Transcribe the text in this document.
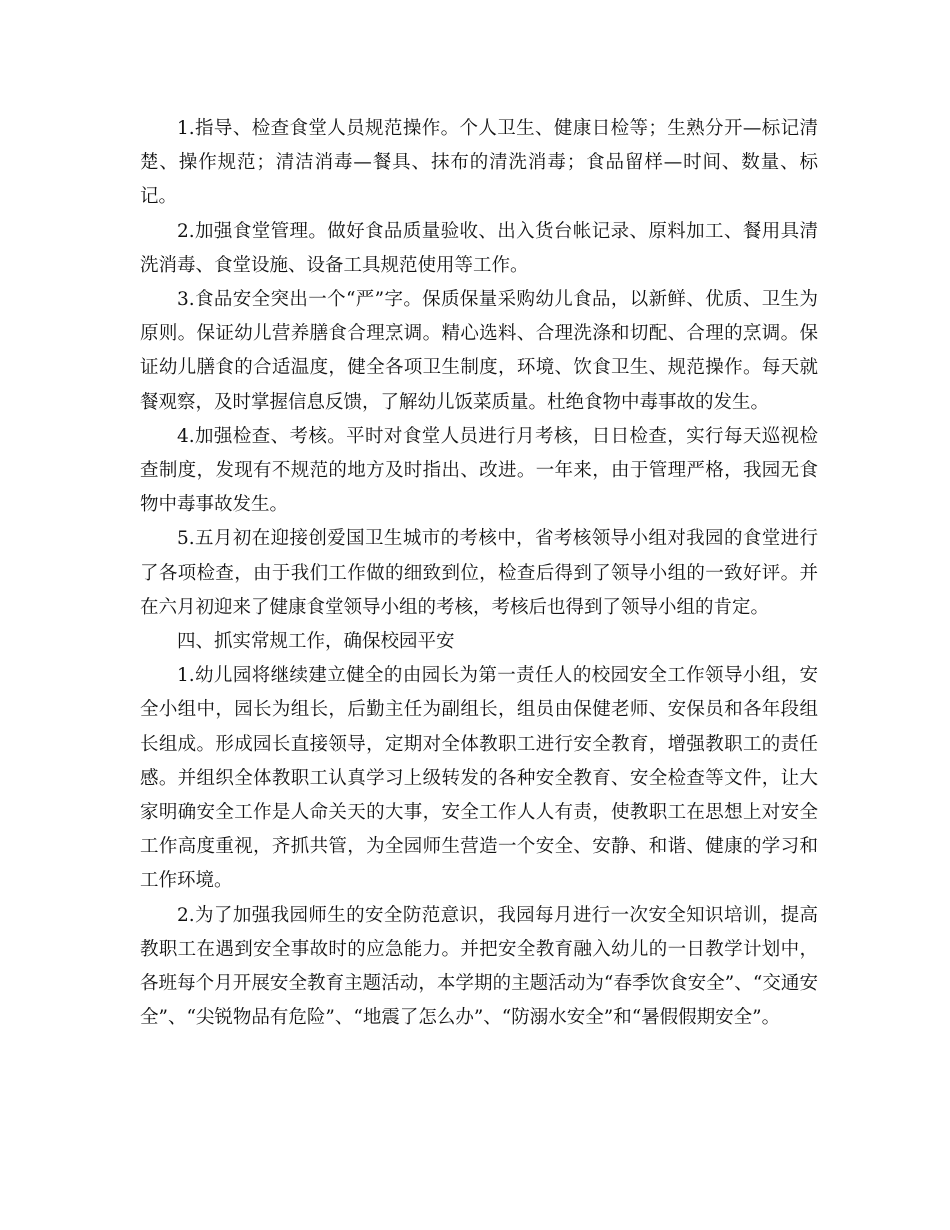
1.指导、检查食堂人员规范操作。个人卫生、健康日检等；生熟分开—标记清楚、操作规范；清洁消毒—餐具、抹布的清洗消毒；食品留样—时间、数量、标记。

2.加强食堂管理。做好食品质量验收、出入货台帐记录、原料加工、餐用具清洗消毒、食堂设施、设备工具规范使用等工作。

3.食品安全突出一个“严”字。保质保量采购幼儿食品，以新鲜、优质、卫生为原则。保证幼儿营养膳食合理烹调。精心选料、合理洗涤和切配、合理的烹调。保证幼儿膳食的合适温度，健全各项卫生制度，环境、饮食卫生、规范操作。每天就餐观察，及时掌握信息反馈，了解幼儿饭菜质量。杜绝食物中毒事故的发生。

4.加强检查、考核。平时对食堂人员进行月考核，日日检查，实行每天巡视检查制度，发现有不规范的地方及时指出、改进。一年来，由于管理严格，我园无食物中毒事故发生。

5.五月初在迎接创爱国卫生城市的考核中，省考核领导小组对我园的食堂进行了各项检查，由于我们工作做的细致到位，检查后得到了领导小组的一致好评。并在六月初迎来了健康食堂领导小组的考核，考核后也得到了领导小组的肯定。

四、抓实常规工作，确保校园平安

1.幼儿园将继续建立健全的由园长为第一责任人的校园安全工作领导小组，安全小组中，园长为组长，后勤主任为副组长，组员由保健老师、安保员和各年段组长组成。形成园长直接领导，定期对全体教职工进行安全教育，增强教职工的责任感。并组织全体教职工认真学习上级转发的各种安全教育、安全检查等文件，让大家明确安全工作是人命关天的大事，安全工作人人有责，使教职工在思想上对安全工作高度重视，齐抓共管，为全园师生营造一个安全、安静、和谐、健康的学习和工作环境。

2.为了加强我园师生的安全防范意识，我园每月进行一次安全知识培训，提高教职工在遇到安全事故时的应急能力。并把安全教育融入幼儿的一日教学计划中，各班每个月开展安全教育主题活动，本学期的主题活动为“春季饮食安全”、“交通安全”、“尖锐物品有危险”、“地震了怎么办”、“防溺水安全”和“暑假假期安全”。
